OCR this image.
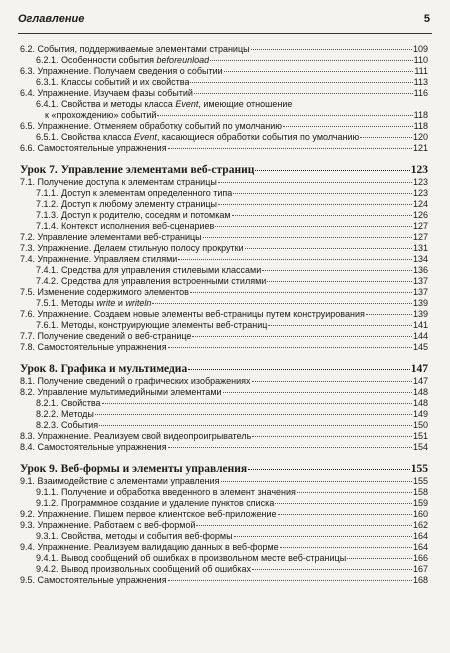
Оглавление	5
6.2. События, поддерживаемые элементами страницы	109
6.2.1. Особенности события beforeunload	110
6.3. Упражнение. Получаем сведения о событии	111
6.3.1. Классы событий и их свойства	113
6.4. Упражнение. Изучаем фазы событий	116
6.4.1. Свойства и методы класса Event, имеющие отношение
к «прохождению» событий	118
6.5. Упражнение. Отменяем обработку событий по умолчанию	118
6.5.1. Свойства класса Event, касающиеся обработки события по умолчанию	120
6.6. Самостоятельные упражнения	121
Урок 7. Управление элементами веб-страниц	123
7.1. Получение доступа к элементам страницы	123
7.1.1. Доступ к элементам определенного типа	123
7.1.2. Доступ к любому элементу страницы	124
7.1.3. Доступ к родителю, соседям и потомкам	126
7.1.4. Контекст исполнения веб-сценариев	127
7.2. Управление элементами веб-страницы	127
7.3. Упражнение. Делаем стильную полосу прокрутки	131
7.4. Упражнение. Управляем стилями	134
7.4.1. Средства для управления стилевыми классами	136
7.4.2. Средства для управления встроенными стилями	137
7.5. Изменение содержимого элементов	137
7.5.1. Методы write и writeln	139
7.6. Упражнение. Создаем новые элементы веб-страницы путем конструирования	139
7.6.1. Методы, конструирующие элементы веб-страниц	141
7.7. Получение сведений о веб-странице	144
7.8. Самостоятельные упражнения	145
Урок 8. Графика и мультимедиа	147
8.1. Получение сведений о графических изображениях	147
8.2. Управление мультимедийными элементами	148
8.2.1. Свойства	148
8.2.2. Методы	149
8.2.3. События	150
8.3. Упражнение. Реализуем свой видеопроигрыватель	151
8.4. Самостоятельные упражнения	154
Урок 9. Веб-формы и элементы управления	155
9.1. Взаимодействие с элементами управления	155
9.1.1. Получение и обработка введенного в элемент значения	158
9.1.2. Программное создание и удаление пунктов списка	159
9.2. Упражнение. Пишем первое клиентское веб-приложение	160
9.3. Упражнение. Работаем с веб-формой	162
9.3.1. Свойства, методы и события веб-формы	164
9.4. Упражнение. Реализуем валидацию данных в веб-форме	164
9.4.1. Вывод сообщений об ошибках в произвольном месте веб-страницы	166
9.4.2. Вывод произвольных сообщений об ошибках	167
9.5. Самостоятельные упражнения	168
